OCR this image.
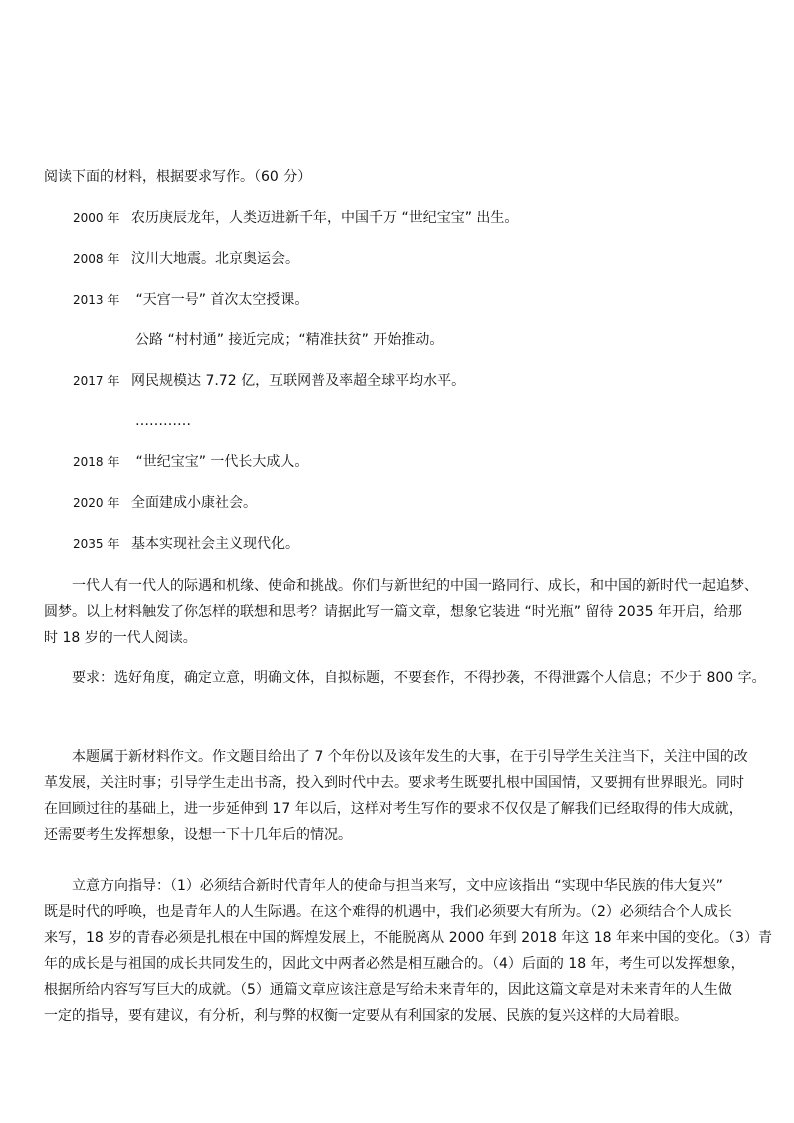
阅读下面的材料，根据要求写作。（60 分）
2000 年 农历庚辰龙年，人类迈进新千年，中国千万 “世纪宝宝” 出生。
2008 年 汶川大地震。北京奥运会。
2013 年 “天宫一号” 首次太空授课。
公路 “村村通” 接近完成；“精准扶贫” 开始推动。
2017 年 网民规模达 7.72 亿，互联网普及率超全球平均水平。
…………
2018 年 “世纪宝宝” 一代长大成人。
2020 年 全面建成小康社会。
2035 年 基本实现社会主义现代化。
一代人有一代人的际遇和机缘、使命和挑战。你们与新世纪的中国一路同行、成长，和中国的新时代一起追梦、
圆梦。以上材料触发了你怎样的联想和思考？请据此写一篇文章，想象它装进 “时光瓶” 留待 2035 年开启，给那
时 18 岁的一代人阅读。
要求：选好角度，确定立意，明确文体，自拟标题，不要套作，不得抄袭，不得泄露个人信息；不少于 800 字。
本题属于新材料作文。作文题目给出了 7 个年份以及该年发生的大事，在于引导学生关注当下，关注中国的改
革发展，关注时事；引导学生走出书斋，投入到时代中去。要求考生既要扎根中国国情，又要拥有世界眼光。同时
在回顾过往的基础上，进一步延伸到 17 年以后，这样对考生写作的要求不仅仅是了解我们已经取得的伟大成就，
还需要考生发挥想象，设想一下十几年后的情况。
立意方向指导：（1）必须结合新时代青年人的使命与担当来写，文中应该指出 “实现中华民族的伟大复兴”
既是时代的呼唤，也是青年人的人生际遇。在这个难得的机遇中，我们必须要大有所为。（2）必须结合个人成长
来写，18 岁的青春必须是扎根在中国的辉煌发展上，不能脱离从 2000 年到 2018 年这 18 年来中国的变化。（3）青
年的成长是与祖国的成长共同发生的，因此文中两者必然是相互融合的。（4）后面的 18 年，考生可以发挥想象，
根据所给内容写写巨大的成就。（5）通篇文章应该注意是写给未来青年的，因此这篇文章是对未来青年的人生做
一定的指导，要有建议，有分析，利与弊的权衡一定要从有利国家的发展、民族的复兴这样的大局着眼。
